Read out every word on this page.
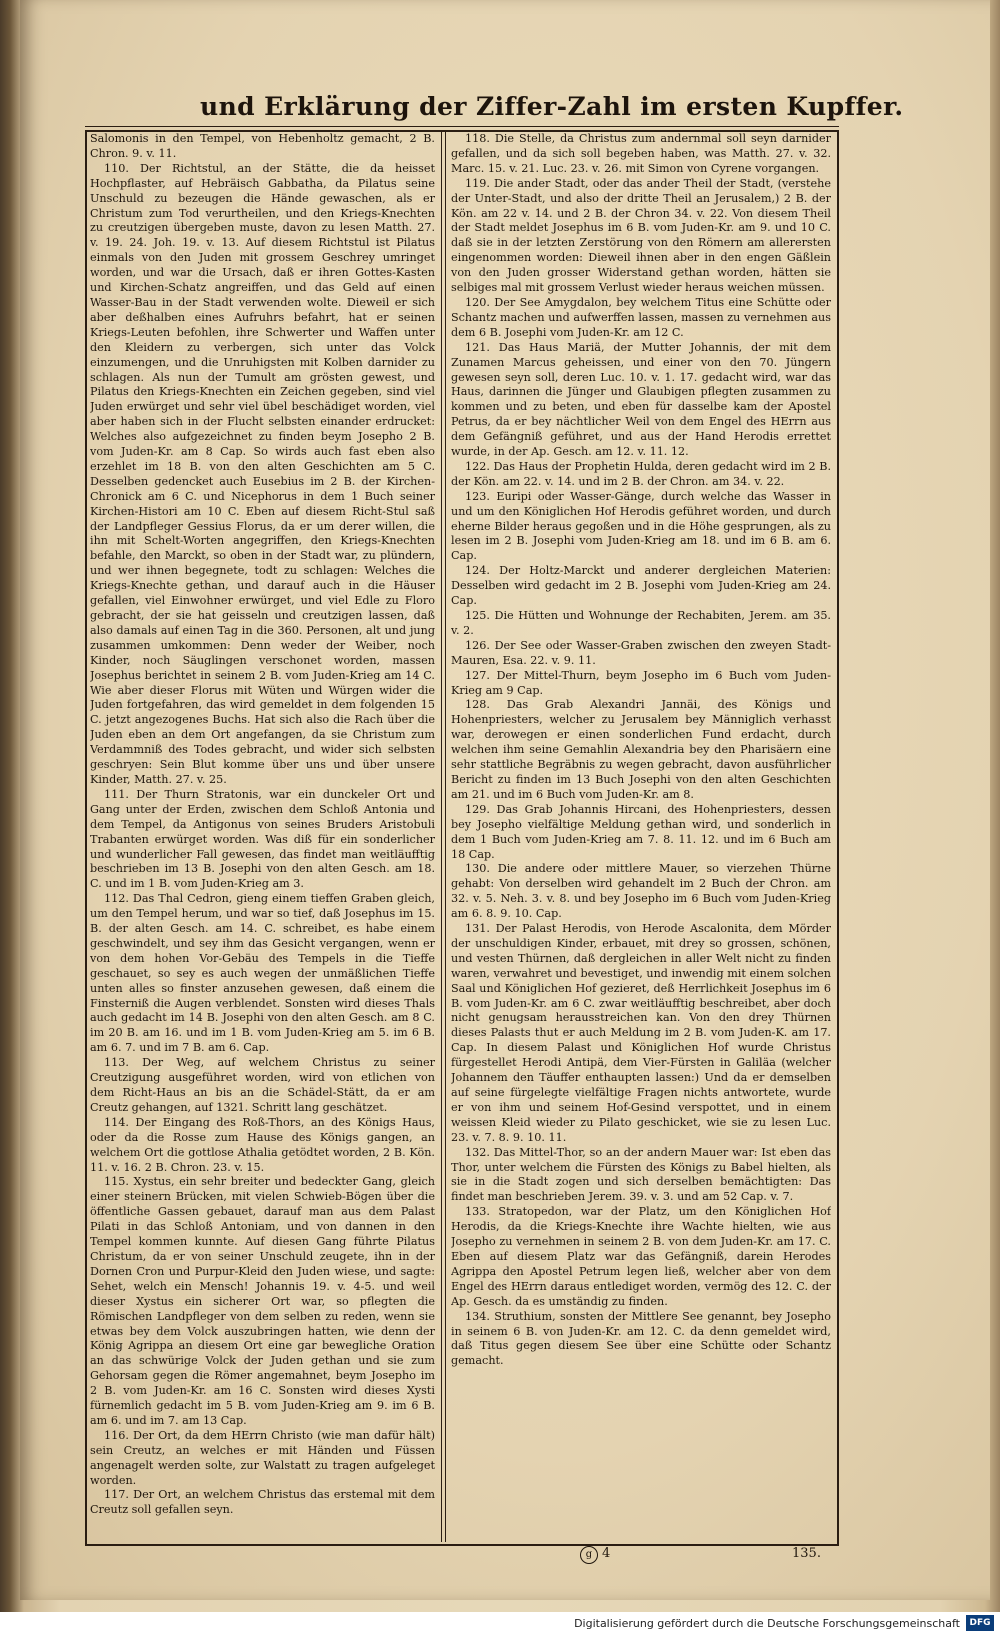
und Erklärung der Ziffer-Zahl im ersten Kupffer.

Salomonis in den Tempel, von Hebenholtz gemacht, 2 B. Chron. 9. v. 11.

110. Der Richtstul, an der Stätte, die da heisset Hochpflaster, auf Hebräisch Gabbatha, da Pilatus seine Unschuld zu bezeugen die Hände gewaschen, als er Christum zum Tod verurtheilen, und den Kriegs-Knechten zu creutzigen übergeben muste, davon zu lesen Matth. 27. v. 19. 24. Joh. 19. v. 13. Auf diesem Richtstul ist Pilatus einmals von den Juden mit grossem Geschrey umringet worden, und war die Ursach, daß er ihren Gottes-Kasten und Kirchen-Schatz angreiffen, und das Geld auf einen Wasser-Bau in der Stadt verwenden wolte. Dieweil er sich aber deßhalben eines Aufruhrs befahrt, hat er seinen Kriegs-Leuten befohlen, ihre Schwerter und Waffen unter den Kleidern zu verbergen, sich unter das Volck einzumengen, und die Unruhigsten mit Kolben darnider zu schlagen. Als nun der Tumult am grösten gewest, und Pilatus den Kriegs-Knechten ein Zeichen gegeben, sind viel Juden erwürget und sehr viel übel beschädiget worden, viel aber haben sich in der Flucht selbsten einander erdrucket: Welches also aufgezeichnet zu finden beym Josepho 2 B. vom Juden-Kr. am 8 Cap. So wirds auch fast eben also erzehlet im 18 B. von den alten Geschichten am 5 C. Desselben gedencket auch Eusebius im 2 B. der Kirchen-Chronick am 6 C. und Nicephorus in dem 1 Buch seiner Kirchen-Histori am 10 C. Eben auf diesem Richt-Stul saß der Landpfleger Gessius Florus, da er um derer willen, die ihn mit Schelt-Worten angegriffen, den Kriegs-Knechten befahle, den Marckt, so oben in der Stadt war, zu plündern, und wer ihnen begegnete, todt zu schlagen: Welches die Kriegs-Knechte gethan, und darauf auch in die Häuser gefallen, viel Einwohner erwürget, und viel Edle zu Floro gebracht, der sie hat geisseln und creutzigen lassen, daß also damals auf einen Tag in die 360. Personen, alt und jung zusammen umkommen: Denn weder der Weiber, noch Kinder, noch Säuglingen verschonet worden, massen Josephus berichtet in seinem 2 B. vom Juden-Krieg am 14 C. Wie aber dieser Florus mit Wüten und Würgen wider die Juden fortgefahren, das wird gemeldet in dem folgenden 15 C. jetzt angezogenes Buchs. Hat sich also die Rach über die Juden eben an dem Ort angefangen, da sie Christum zum Verdammniß des Todes gebracht, und wider sich selbsten geschryen: Sein Blut komme über uns und über unsere Kinder, Matth. 27. v. 25.

111. Der Thurn Stratonis, war ein dunckeler Ort und Gang unter der Erden, zwischen dem Schloß Antonia und dem Tempel, da Antigonus von seines Bruders Aristobuli Trabanten erwürget worden. Was diß für ein sonderlicher und wunderlicher Fall gewesen, das findet man weitläufftig beschrieben im 13 B. Josephi von den alten Gesch. am 18. C. und im 1 B. vom Juden-Krieg am 3.

112. Das Thal Cedron, gieng einem tieffen Graben gleich, um den Tempel herum, und war so tief, daß Josephus im 15. B. der alten Gesch. am 14. C. schreibet, es habe einem geschwindelt, und sey ihm das Gesicht vergangen, wenn er von dem hohen Vor-Gebäu des Tempels in die Tieffe geschauet, so sey es auch wegen der unmäßlichen Tieffe unten alles so finster anzusehen gewesen, daß einem die Finsterniß die Augen verblendet. Sonsten wird dieses Thals auch gedacht im 14 B. Josephi von den alten Gesch. am 8 C. im 20 B. am 16. und im 1 B. vom Juden-Krieg am 5. im 6 B. am 6. 7. und im 7 B. am 6. Cap.

113. Der Weg, auf welchem Christus zu seiner Creutzigung ausgeführet worden, wird von etlichen von dem Richt-Haus an bis an die Schädel-Stätt, da er am Creutz gehangen, auf 1321. Schritt lang geschätzet.

114. Der Eingang des Roß-Thors, an des Königs Haus, oder da die Rosse zum Hause des Königs gangen, an welchem Ort die gottlose Athalia getödtet worden, 2 B. Kön. 11. v. 16. 2 B. Chron. 23. v. 15.

115. Xystus, ein sehr breiter und bedeckter Gang, gleich einer steinern Brücken, mit vielen Schwieb-Bögen über die öffentliche Gassen gebauet, darauf man aus dem Palast Pilati in das Schloß Antoniam, und von dannen in den Tempel kommen kunnte. Auf diesen Gang führte Pilatus Christum, da er von seiner Unschuld zeugete, ihn in der Dornen Cron und Purpur-Kleid den Juden wiese, und sagte: Sehet, welch ein Mensch! Johannis 19. v. 4-5. und weil dieser Xystus ein sicherer Ort war, so pflegten die Römischen Landpfleger von dem selben zu reden, wenn sie etwas bey dem Volck auszubringen hatten, wie denn der König Agrippa an diesem Ort eine gar bewegliche Oration an das schwürige Volck der Juden gethan und sie zum Gehorsam gegen die Römer angemahnet, beym Josepho im 2 B. vom Juden-Kr. am 16 C. Sonsten wird dieses Xysti fürnemlich gedacht im 5 B. vom Juden-Krieg am 9. im 6 B. am 6. und im 7. am 13 Cap.

116. Der Ort, da dem HErrn Christo (wie man dafür hält) sein Creutz, an welches er mit Händen und Füssen angenagelt werden solte, zur Walstatt zu tragen aufgeleget worden.

117. Der Ort, an welchem Christus das erstemal mit dem Creutz soll gefallen seyn.

118. Die Stelle, da Christus zum andernmal soll seyn darnider gefallen, und da sich soll begeben haben, was Matth. 27. v. 32. Marc. 15. v. 21. Luc. 23. v. 26. mit Simon von Cyrene vorgangen.

119. Die ander Stadt, oder das ander Theil der Stadt, (verstehe der Unter-Stadt, und also der dritte Theil an Jerusalem,) 2 B. der Kön. am 22 v. 14. und 2 B. der Chron 34. v. 22. Von diesem Theil der Stadt meldet Josephus im 6 B. vom Juden-Kr. am 9. und 10 C. daß sie in der letzten Zerstörung von den Römern am allerersten eingenommen worden: Dieweil ihnen aber in den engen Gäßlein von den Juden grosser Widerstand gethan worden, hätten sie selbiges mal mit grossem Verlust wieder heraus weichen müssen.

120. Der See Amygdalon, bey welchem Titus eine Schütte oder Schantz machen und aufwerffen lassen, massen zu vernehmen aus dem 6 B. Josephi vom Juden-Kr. am 12 C.

121. Das Haus Mariä, der Mutter Johannis, der mit dem Zunamen Marcus geheissen, und einer von den 70. Jüngern gewesen seyn soll, deren Luc. 10. v. 1. 17. gedacht wird, war das Haus, darinnen die Jünger und Glaubigen pflegten zusammen zu kommen und zu beten, und eben für dasselbe kam der Apostel Petrus, da er bey nächtlicher Weil von dem Engel des HErrn aus dem Gefängniß geführet, und aus der Hand Herodis errettet wurde, in der Ap. Gesch. am 12. v. 11. 12.

122. Das Haus der Prophetin Hulda, deren gedacht wird im 2 B. der Kön. am 22. v. 14. und im 2 B. der Chron. am 34. v. 22.

123. Euripi oder Wasser-Gänge, durch welche das Wasser in und um den Königlichen Hof Herodis geführet worden, und durch eherne Bilder heraus gegoßen und in die Höhe gesprungen, als zu lesen im 2 B. Josephi vom Juden-Krieg am 18. und im 6 B. am 6. Cap.

124. Der Holtz-Marckt und anderer dergleichen Materien: Desselben wird gedacht im 2 B. Josephi vom Juden-Krieg am 24. Cap.

125. Die Hütten und Wohnunge der Rechabiten, Jerem. am 35. v. 2.

126. Der See oder Wasser-Graben zwischen den zweyen Stadt-Mauren, Esa. 22. v. 9. 11.

127. Der Mittel-Thurn, beym Josepho im 6 Buch vom Juden-Krieg am 9 Cap.

128. Das Grab Alexandri Jannäi, des Königs und Hohenpriesters, welcher zu Jerusalem bey Männiglich verhasst war, derowegen er einen sonderlichen Fund erdacht, durch welchen ihm seine Gemahlin Alexandria bey den Pharisäern eine sehr stattliche Begräbnis zu wegen gebracht, davon ausführlicher Bericht zu finden im 13 Buch Josephi von den alten Geschichten am 21. und im 6 Buch vom Juden-Kr. am 8.

129. Das Grab Johannis Hircani, des Hohenpriesters, dessen bey Josepho vielfältige Meldung gethan wird, und sonderlich in dem 1 Buch vom Juden-Krieg am 7. 8. 11. 12. und im 6 Buch am 18 Cap.

130. Die andere oder mittlere Mauer, so vierzehen Thürne gehabt: Von derselben wird gehandelt im 2 Buch der Chron. am 32. v. 5. Neh. 3. v. 8. und bey Josepho im 6 Buch vom Juden-Krieg am 6. 8. 9. 10. Cap.

131. Der Palast Herodis, von Herode Ascalonita, dem Mörder der unschuldigen Kinder, erbauet, mit drey so grossen, schönen, und vesten Thürnen, daß dergleichen in aller Welt nicht zu finden waren, verwahret und bevestiget, und inwendig mit einem solchen Saal und Königlichen Hof gezieret, deß Herrlichkeit Josephus im 6 B. vom Juden-Kr. am 6 C. zwar weitläufftig beschreibet, aber doch nicht genugsam herausstreichen kan. Von den drey Thürnen dieses Palasts thut er auch Meldung im 2 B. vom Juden-K. am 17. Cap. In diesem Palast und Königlichen Hof wurde Christus fürgestellet Herodi Antipä, dem Vier-Fürsten in Galiläa (welcher Johannem den Täuffer enthaupten lassen:) Und da er demselben auf seine fürgelegte vielfältige Fragen nichts antwortete, wurde er von ihm und seinem Hof-Gesind verspottet, und in einem weissen Kleid wieder zu Pilato geschicket, wie sie zu lesen Luc. 23. v. 7. 8. 9. 10. 11.

132. Das Mittel-Thor, so an der andern Mauer war: Ist eben das Thor, unter welchem die Fürsten des Königs zu Babel hielten, als sie in die Stadt zogen und sich derselben bemächtigten: Das findet man beschrieben Jerem. 39. v. 3. und am 52 Cap. v. 7.

133. Stratopedon, war der Platz, um den Königlichen Hof Herodis, da die Kriegs-Knechte ihre Wachte hielten, wie aus Josepho zu vernehmen in seinem 2 B. von dem Juden-Kr. am 17. C. Eben auf diesem Platz war das Gefängniß, darein Herodes Agrippa den Apostel Petrum legen ließ, welcher aber von dem Engel des HErrn daraus entlediget worden, vermög des 12. C. der Ap. Gesch. da es umständig zu finden.

134. Struthium, sonsten der Mittlere See genannt, bey Josepho in seinem 6 B. von Juden-Kr. am 12. C. da denn gemeldet wird, daß Titus gegen diesem See über eine Schütte oder Schantz gemacht.

g 4	135.
Digitalisierung gefördert durch die Deutsche Forschungsgemeinschaft	DFG
